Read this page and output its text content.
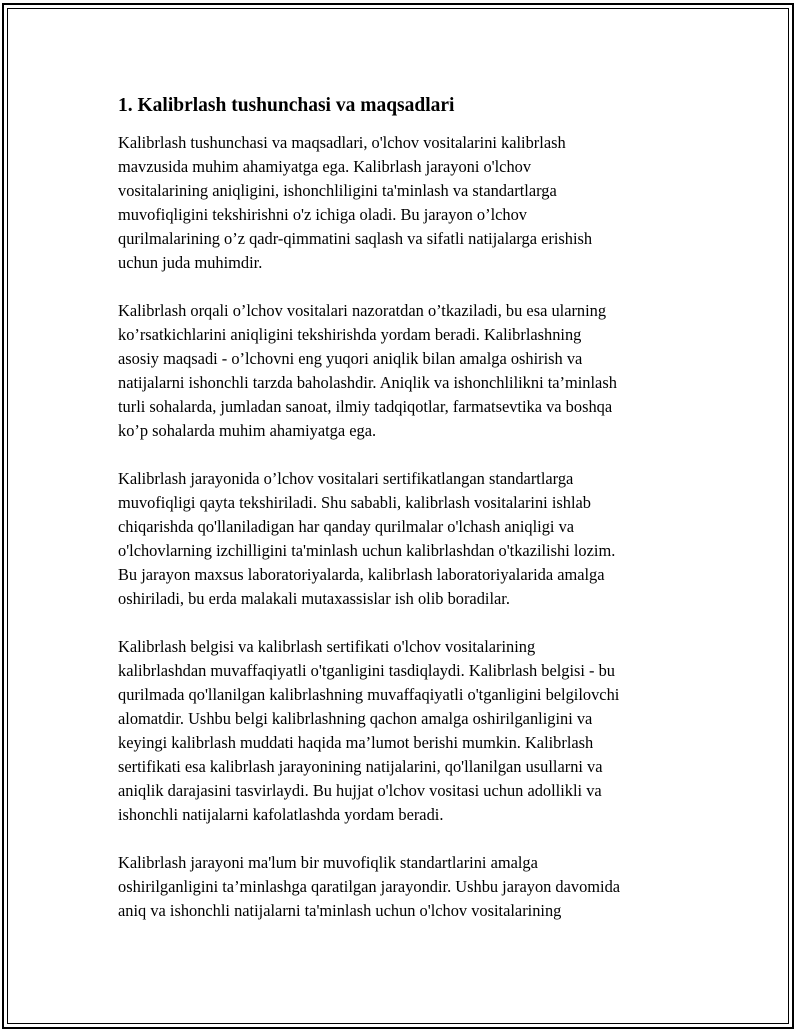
1. Kalibrlash tushunchasi va maqsadlari

Kalibrlash tushunchasi va maqsadlari, o'lchov vositalarini kalibrlash
mavzusida muhim ahamiyatga ega. Kalibrlash jarayoni o'lchov
vositalarining aniqligini, ishonchliligini ta'minlash va standartlarga
muvofiqligini tekshirishni o'z ichiga oladi. Bu jarayon o’lchov
qurilmalarining o’z qadr-qimmatini saqlash va sifatli natijalarga erishish
uchun juda muhimdir.

Kalibrlash orqali o’lchov vositalari nazoratdan o’tkaziladi, bu esa ularning
ko’rsatkichlarini aniqligini tekshirishda yordam beradi. Kalibrlashning
asosiy maqsadi - o’lchovni eng yuqori aniqlik bilan amalga oshirish va
natijalarni ishonchli tarzda baholashdir. Aniqlik va ishonchlilikni ta’minlash
turli sohalarda, jumladan sanoat, ilmiy tadqiqotlar, farmatsevtika va boshqa
ko’p sohalarda muhim ahamiyatga ega.

Kalibrlash jarayonida o’lchov vositalari sertifikatlangan standartlarga
muvofiqligi qayta tekshiriladi. Shu sababli, kalibrlash vositalarini ishlab
chiqarishda qo'llaniladigan har qanday qurilmalar o'lchash aniqligi va
o'lchovlarning izchilligini ta'minlash uchun kalibrlashdan o'tkazilishi lozim.
Bu jarayon maxsus laboratoriyalarda, kalibrlash laboratoriyalarida amalga
oshiriladi, bu erda malakali mutaxassislar ish olib boradilar.

Kalibrlash belgisi va kalibrlash sertifikati o'lchov vositalarining
kalibrlashdan muvaffaqiyatli o'tganligini tasdiqlaydi. Kalibrlash belgisi - bu
qurilmada qo'llanilgan kalibrlashning muvaffaqiyatli o'tganligini belgilovchi
alomatdir. Ushbu belgi kalibrlashning qachon amalga oshirilganligini va
keyingi kalibrlash muddati haqida ma’lumot berishi mumkin. Kalibrlash
sertifikati esa kalibrlash jarayonining natijalarini, qo'llanilgan usullarni va
aniqlik darajasini tasvirlaydi. Bu hujjat o'lchov vositasi uchun adollikli va
ishonchli natijalarni kafolatlashda yordam beradi.

Kalibrlash jarayoni ma'lum bir muvofiqlik standartlarini amalga
oshirilganligini ta’minlashga qaratilgan jarayondir. Ushbu jarayon davomida
aniq va ishonchli natijalarni ta'minlash uchun o'lchov vositalarining
